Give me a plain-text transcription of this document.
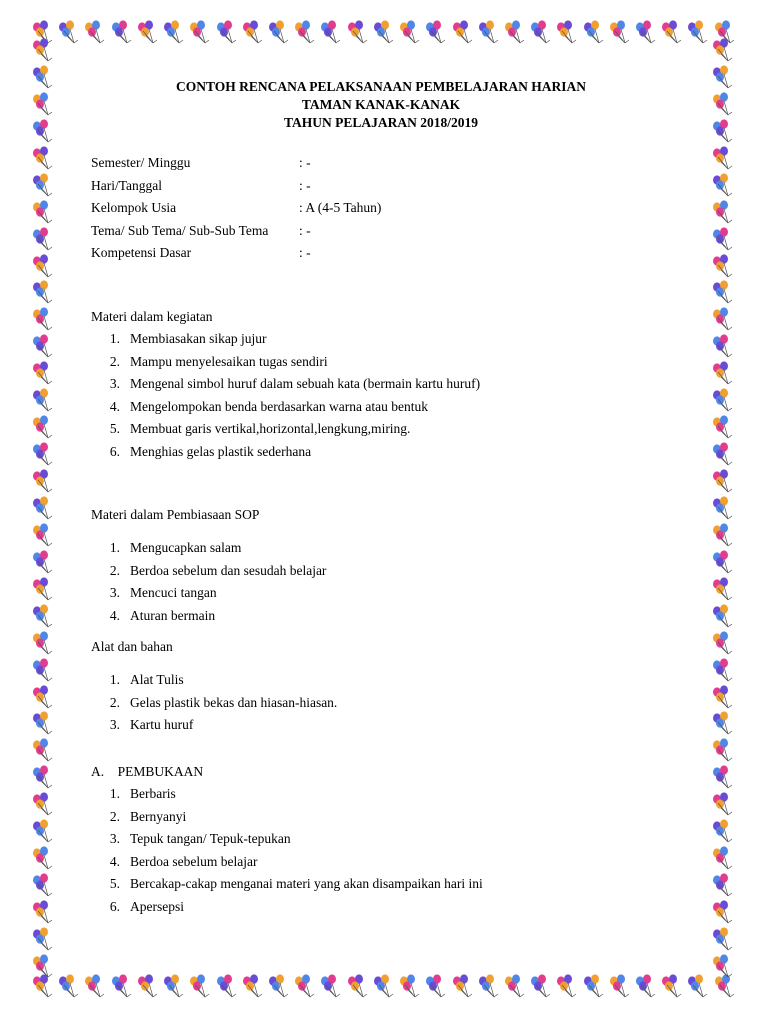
CONTOH RENCANA PELAKSANAAN PEMBELAJARAN HARIAN
TAMAN KANAK-KANAK
TAHUN PELAJARAN 2018/2019
Semester/ Minggu	: -
Hari/Tanggal	: -
Kelompok Usia	: A (4-5 Tahun)
Tema/ Sub Tema/ Sub-Sub Tema	: -
Kompetensi Dasar	: -
Materi dalam kegiatan
1. Membiasakan sikap jujur
2. Mampu menyelesaikan tugas sendiri
3. Mengenal simbol huruf dalam sebuah kata (bermain kartu huruf)
4. Mengelompokan benda berdasarkan warna atau bentuk
5. Membuat garis vertikal,horizontal,lengkung,miring.
6. Menghias gelas plastik sederhana
Materi dalam Pembiasaan SOP
1. Mengucapkan salam
2. Berdoa sebelum dan sesudah belajar
3. Mencuci tangan
4. Aturan bermain
Alat dan bahan
1. Alat Tulis
2. Gelas plastik bekas dan hiasan-hiasan.
3. Kartu huruf
A. PEMBUKAAN
1. Berbaris
2. Bernyanyi
3. Tepuk tangan/ Tepuk-tepukan
4. Berdoa sebelum belajar
5. Bercakap-cakap menganai materi yang akan disampaikan hari ini
6. Apersepsi
